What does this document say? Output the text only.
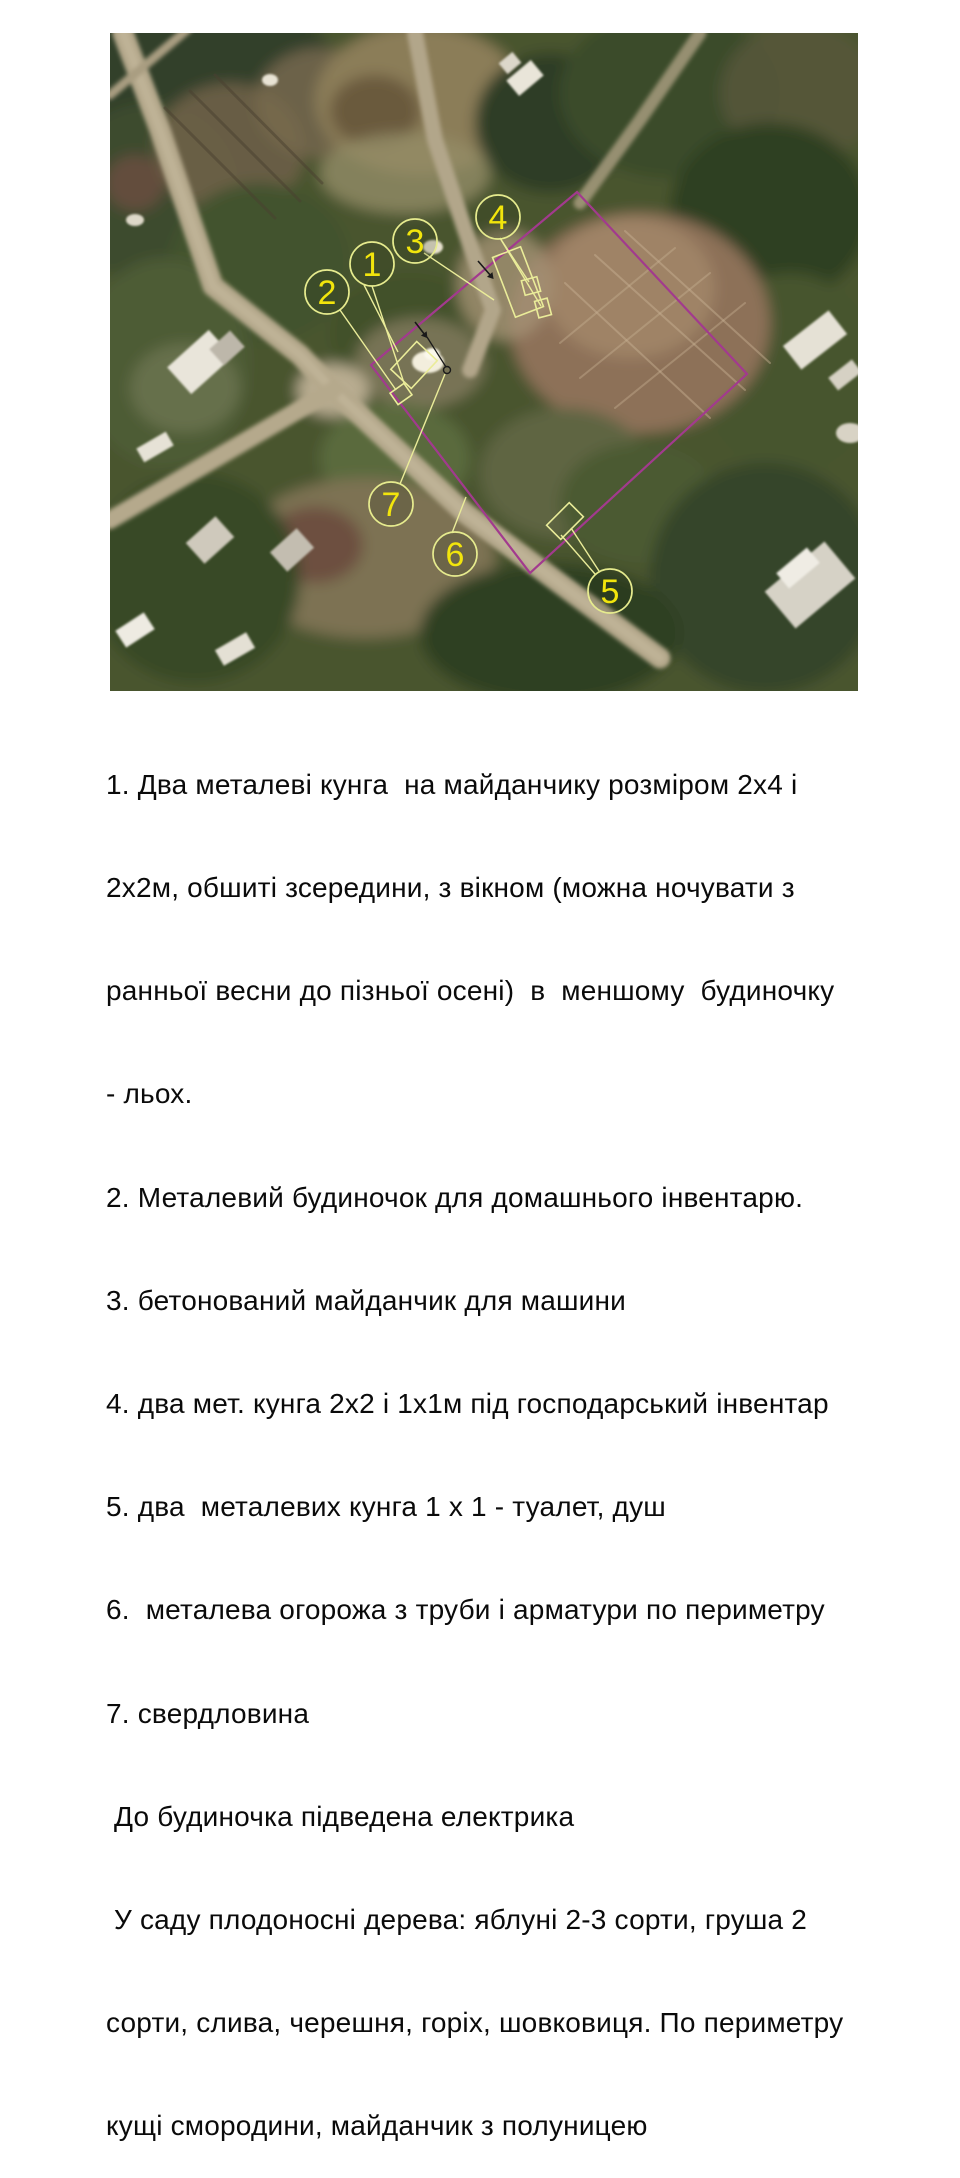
1
2
3
4
5
6
7

1. Два металеві кунга  на майданчику розміром 2х4 і

2х2м, обшиті зсередини, з вікном (можна ночувати з

ранньої весни до пізньої осені)  в  меншому  будиночку

- льох.

2. Металевий будиночок для домашнього інвентарю.

3. бетонований майданчик для машини

4. два мет. кунга 2х2 і 1х1м під господарський інвентар

5. два  металевих кунга 1 х 1 - туалет, душ

6.  металева огорожа з труби і арматури по периметру

7. свердловина

До будиночка підведена електрика

У саду плодоносні дерева: яблуні 2-3 сорти, груша 2

сорти, слива, черешня, горіх, шовковиця. По периметру

кущі смородини, майданчик з полуницею
